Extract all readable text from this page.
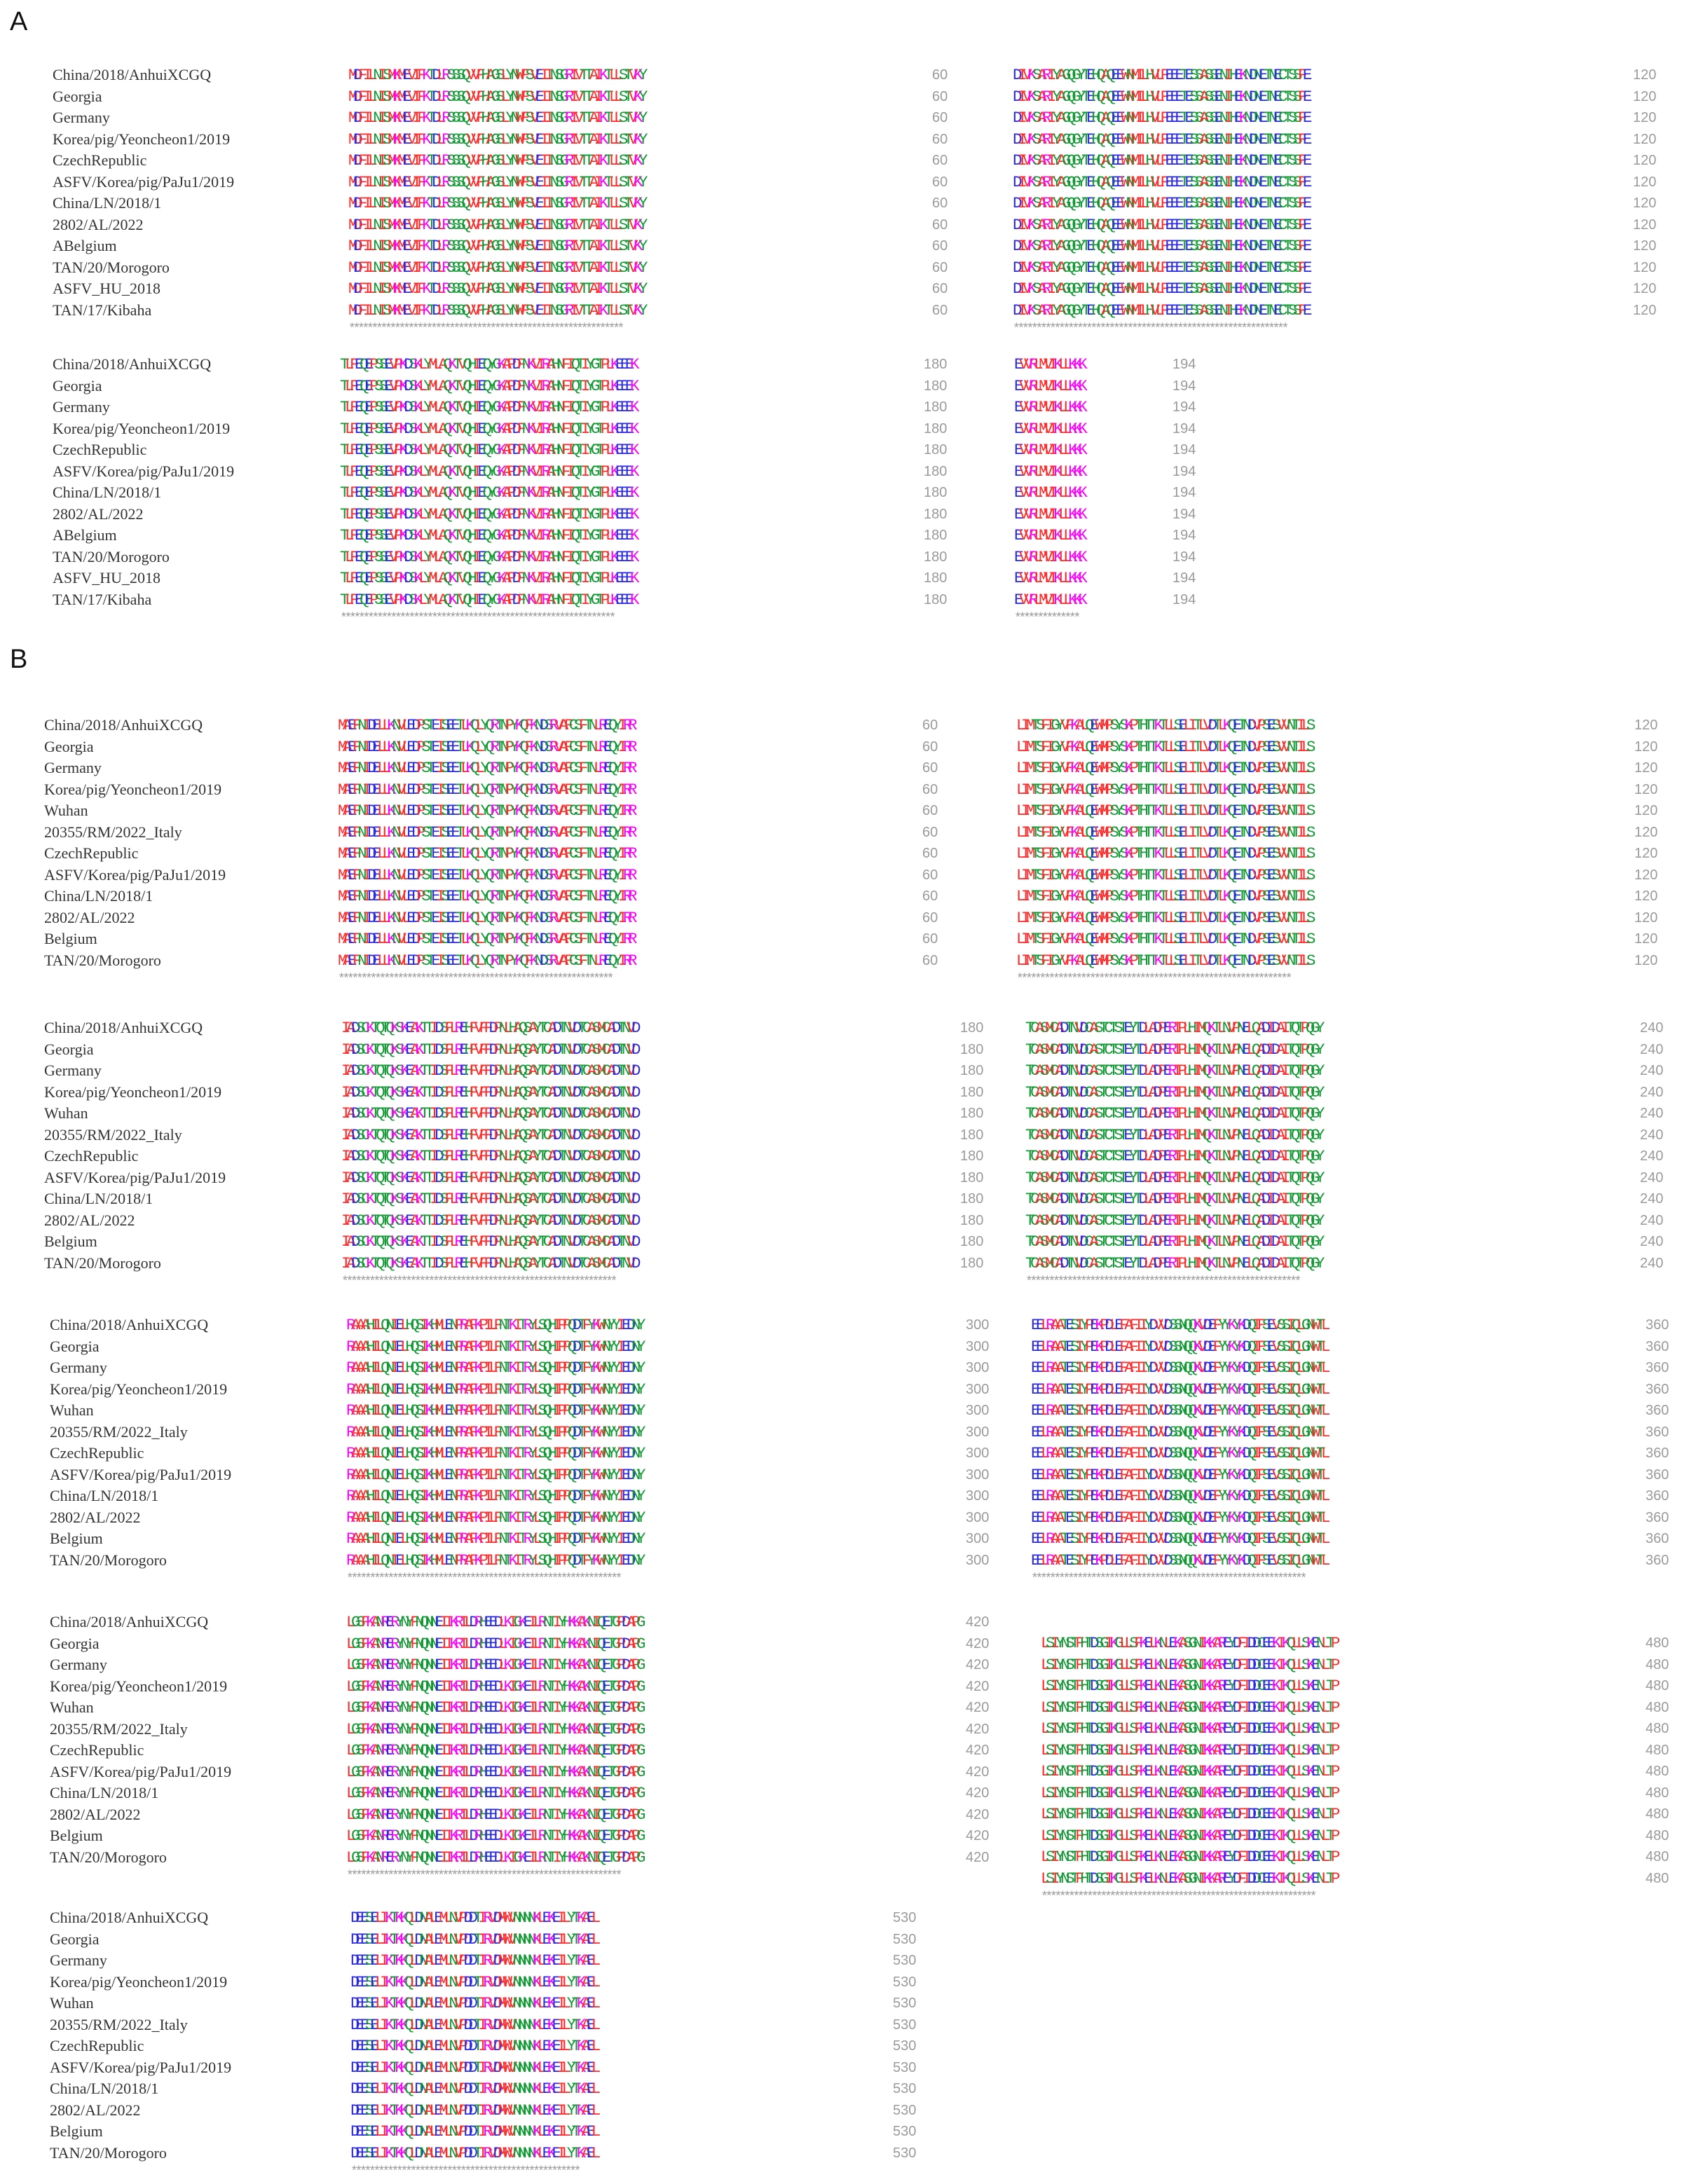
A
B
China/2018/AnhuiXCGQ
Georgia
Germany
Korea/pig/Yeoncheon1/2019
CzechRepublic
ASFV/Korea/pig/PaJu1/2019
China/LN/2018/1
2802/AL/2022
ABelgium
TAN/20/Morogoro
ASFV_HU_2018
TAN/17/Kibaha
MDFILNISMKMEVIFKTDLRSSSQVVFHAGSLYNWFSVEIINSGRIVTTAIKTLLSTVKY
MDFILNISMKMEVIFKTDLRSSSQVVFHAGSLYNWFSVEIINSGRIVTTAIKTLLSTVKY
MDFILNISMKMEVIFKTDLRSSSQVVFHAGSLYNWFSVEIINSGRIVTTAIKTLLSTVKY
MDFILNISMKMEVIFKTDLRSSSQVVFHAGSLYNWFSVEIINSGRIVTTAIKTLLSTVKY
MDFILNISMKMEVIFKTDLRSSSQVVFHAGSLYNWFSVEIINSGRIVTTAIKTLLSTVKY
MDFILNISMKMEVIFKTDLRSSSQVVFHAGSLYNWFSVEIINSGRIVTTAIKTLLSTVKY
MDFILNISMKMEVIFKTDLRSSSQVVFHAGSLYNWFSVEIINSGRIVTTAIKTLLSTVKY
MDFILNISMKMEVIFKTDLRSSSQVVFHAGSLYNWFSVEIINSGRIVTTAIKTLLSTVKY
MDFILNISMKMEVIFKTDLRSSSQVVFHAGSLYNWFSVEIINSGRIVTTAIKTLLSTVKY
MDFILNISMKMEVIFKTDLRSSSQVVFHAGSLYNWFSVEIINSGRIVTTAIKTLLSTVKY
MDFILNISMKMEVIFKTDLRSSSQVVFHAGSLYNWFSVEIINSGRIVTTAIKTLLSTVKY
MDFILNISMKMEVIFKTDLRSSSQVVFHAGSLYNWFSVEIINSGRIVTTAIKTLLSTVKY
60
60
60
60
60
60
60
60
60
60
60
60
************************************************************
DIVKSARIYAGQGYTEHQAQEEWNMILHVLFEEETESSASSENIHEKNDNETNECTSSFE
DIVKSARIYAGQGYTEHQAQEEWNMILHVLFEEETESSASSENIHEKNDNETNECTSSFE
DIVKSARIYAGQGYTEHQAQEEWNMILHVLFEEETESSASSENIHEKNDNETNECTSSFE
DIVKSARIYAGQGYTEHQAQEEWNMILHVLFEEETESSASSENIHEKNDNETNECTSSFE
DIVKSARIYAGQGYTEHQAQEEWNMILHVLFEEETESSASSENIHEKNDNETNECTSSFE
DIVKSARIYAGQGYTEHQAQEEWNMILHVLFEEETESSASSENIHEKNDNETNECTSSFE
DIVKSARIYAGQGYTEHQAQEEWNMILHVLFEEETESSASSENIHEKNDNETNECTSSFE
DIVKSARIYAGQGYTEHQAQEEWNMILHVLFEEETESSASSENIHEKNDNETNECTSSFE
DIVKSARIYAGQGYTEHQAQEEWNMILHVLFEEETESSASSENIHEKNDNETNECTSSFE
DIVKSARIYAGQGYTEHQAQEEWNMILHVLFEEETESSASSENIHEKNDNETNECTSSFE
DIVKSARIYAGQGYTEHQAQEEWNMILHVLFEEETESSASSENIHEKNDNETNECTSSFE
DIVKSARIYAGQGYTEHQAQEEWNMILHVLFEEETESSASSENIHEKNDNETNECTSSFE
120
120
120
120
120
120
120
120
120
120
120
120
************************************************************
China/2018/AnhuiXCGQ
Georgia
Germany
Korea/pig/Yeoncheon1/2019
CzechRepublic
ASFV/Korea/pig/PaJu1/2019
China/LN/2018/1
2802/AL/2022
ABelgium
TAN/20/Morogoro
ASFV_HU_2018
TAN/17/Kibaha
TLFEQEPSSEVPKDSKLYMLAQKTVQHIEQYGKAPDFNKVIRAHNFIQTIYGTPLKEEEK
TLFEQEPSSEVPKDSKLYMLAQKTVQHIEQYGKAPDFNKVIRAHNFIQTIYGTPLKEEEK
TLFEQEPSSEVPKDSKLYMLAQKTVQHIEQYGKAPDFNKVIRAHNFIQTIYGTPLKEEEK
TLFEQEPSSEVPKDSKLYMLAQKTVQHIEQYGKAPDFNKVIRAHNFIQTIYGTPLKEEEK
TLFEQEPSSEVPKDSKLYMLAQKTVQHIEQYGKAPDFNKVIRAHNFIQTIYGTPLKEEEK
TLFEQEPSSEVPKDSKLYMLAQKTVQHIEQYGKAPDFNKVIRAHNFIQTIYGTPLKEEEK
TLFEQEPSSEVPKDSKLYMLAQKTVQHIEQYGKAPDFNKVIRAHNFIQTIYGTPLKEEEK
TLFEQEPSSEVPKDSKLYMLAQKTVQHIEQYGKAPDFNKVIRAHNFIQTIYGTPLKEEEK
TLFEQEPSSEVPKDSKLYMLAQKTVQHIEQYGKAPDFNKVIRAHNFIQTIYGTPLKEEEK
TLFEQEPSSEVPKDSKLYMLAQKTVQHIEQYGKAPDFNKVIRAHNFIQTIYGTPLKEEEK
TLFEQEPSSEVPKDSKLYMLAQKTVQHIEQYGKAPDFNKVIRAHNFIQTIYGTPLKEEEK
TLFEQEPSSEVPKDSKLYMLAQKTVQHIEQYGKAPDFNKVIRAHNFIQTIYGTPLKEEEK
180
180
180
180
180
180
180
180
180
180
180
180
************************************************************
EVVRLMVIKLLKKK
EVVRLMVIKLLKKK
EVVRLMVIKLLKKK
EVVRLMVIKLLKKK
EVVRLMVIKLLKKK
EVVRLMVIKLLKKK
EVVRLMVIKLLKKK
EVVRLMVIKLLKKK
EVVRLMVIKLLKKK
EVVRLMVIKLLKKK
EVVRLMVIKLLKKK
EVVRLMVIKLLKKK
194
194
194
194
194
194
194
194
194
194
194
194
**************
China/2018/AnhuiXCGQ
Georgia
Germany
Korea/pig/Yeoncheon1/2019
Wuhan
20355/RM/2022_Italy
CzechRepublic
ASFV/Korea/pig/PaJu1/2019
China/LN/2018/1
2802/AL/2022
Belgium
TAN/20/Morogoro
MAEFNIDELLKNVLEDPSTEISEETLKQLYQRTNPYKQFKNDSRVAFCSFTNLREQYIRR
MAEFNIDELLKNVLEDPSTEISEETLKQLYQRTNPYKQFKNDSRVAFCSFTNLREQYIRR
MAEFNIDELLKNVLEDPSTEISEETLKQLYQRTNPYKQFKNDSRVAFCSFTNLREQYIRR
MAEFNIDELLKNVLEDPSTEISEETLKQLYQRTNPYKQFKNDSRVAFCSFTNLREQYIRR
MAEFNIDELLKNVLEDPSTEISEETLKQLYQRTNPYKQFKNDSRVAFCSFTNLREQYIRR
MAEFNIDELLKNVLEDPSTEISEETLKQLYQRTNPYKQFKNDSRVAFCSFTNLREQYIRR
MAEFNIDELLKNVLEDPSTEISEETLKQLYQRTNPYKQFKNDSRVAFCSFTNLREQYIRR
MAEFNIDELLKNVLEDPSTEISEETLKQLYQRTNPYKQFKNDSRVAFCSFTNLREQYIRR
MAEFNIDELLKNVLEDPSTEISEETLKQLYQRTNPYKQFKNDSRVAFCSFTNLREQYIRR
MAEFNIDELLKNVLEDPSTEISEETLKQLYQRTNPYKQFKNDSRVAFCSFTNLREQYIRR
MAEFNIDELLKNVLEDPSTEISEETLKQLYQRTNPYKQFKNDSRVAFCSFTNLREQYIRR
MAEFNIDELLKNVLEDPSTEISEETLKQLYQRTNPYKQFKNDSRVAFCSFTNLREQYIRR
60
60
60
60
60
60
60
60
60
60
60
60
************************************************************
LIMTSFIGYVFKALQEWMPSYSKPTHTTKTLLSELITLVDTLKQETNDVPSESVVNTILS
LIMTSFIGYVFKALQEWMPSYSKPTHTTKTLLSELITLVDTLKQETNDVPSESVVNTILS
LIMTSFIGYVFKALQEWMPSYSKPTHTTKTLLSELITLVDTLKQETNDVPSESVVNTILS
LIMTSFIGYVFKALQEWMPSYSKPTHTTKTLLSELITLVDTLKQETNDVPSESVVNTILS
LIMTSFIGYVFKALQEWMPSYSKPTHTTKTLLSELITLVDTLKQETNDVPSESVVNTILS
LIMTSFIGYVFKALQEWMPSYSKPTHTTKTLLSELITLVDTLKQETNDVPSESVVNTILS
LIMTSFIGYVFKALQEWMPSYSKPTHTTKTLLSELITLVDTLKQETNDVPSESVVNTILS
LIMTSFIGYVFKALQEWMPSYSKPTHTTKTLLSELITLVDTLKQETNDVPSESVVNTILS
LIMTSFIGYVFKALQEWMPSYSKPTHTTKTLLSELITLVDTLKQETNDVPSESVVNTILS
LIMTSFIGYVFKALQEWMPSYSKPTHTTKTLLSELITLVDTLKQETNDVPSESVVNTILS
LIMTSFIGYVFKALQEWMPSYSKPTHTTKTLLSELITLVDTLKQETNDVPSESVVNTILS
LIMTSFIGYVFKALQEWMPSYSKPTHTTKTLLSELITLVDTLKQETNDVPSESVVNTILS
120
120
120
120
120
120
120
120
120
120
120
120
************************************************************
China/2018/AnhuiXCGQ
Georgia
Germany
Korea/pig/Yeoncheon1/2019
Wuhan
20355/RM/2022_Italy
CzechRepublic
ASFV/Korea/pig/PaJu1/2019
China/LN/2018/1
2802/AL/2022
Belgium
TAN/20/Morogoro
IADSCKTQTQKSKEAKTTIDSFLREHFVFFDPNLHAQSAYTCADTNVDTCASMCADTNVD
IADSCKTQTQKSKEAKTTIDSFLREHFVFFDPNLHAQSAYTCADTNVDTCASMCADTNVD
IADSCKTQTQKSKEAKTTIDSFLREHFVFFDPNLHAQSAYTCADTNVDTCASMCADTNVD
IADSCKTQTQKSKEAKTTIDSFLREHFVFFDPNLHAQSAYTCADTNVDTCASMCADTNVD
IADSCKTQTQKSKEAKTTIDSFLREHFVFFDPNLHAQSAYTCADTNVDTCASMCADTNVD
IADSCKTQTQKSKEAKTTIDSFLREHFVFFDPNLHAQSAYTCADTNVDTCASMCADTNVD
IADSCKTQTQKSKEAKTTIDSFLREHFVFFDPNLHAQSAYTCADTNVDTCASMCADTNVD
IADSCKTQTQKSKEAKTTIDSFLREHFVFFDPNLHAQSAYTCADTNVDTCASMCADTNVD
IADSCKTQTQKSKEAKTTIDSFLREHFVFFDPNLHAQSAYTCADTNVDTCASMCADTNVD
IADSCKTQTQKSKEAKTTIDSFLREHFVFFDPNLHAQSAYTCADTNVDTCASMCADTNVD
IADSCKTQTQKSKEAKTTIDSFLREHFVFFDPNLHAQSAYTCADTNVDTCASMCADTNVD
IADSCKTQTQKSKEAKTTIDSFLREHFVFFDPNLHAQSAYTCADTNVDTCASMCADTNVD
180
180
180
180
180
180
180
180
180
180
180
180
************************************************************
TCASMCADTNVDCASTCTSTEYTDLADPERIPLHIMQKTLNVPNELQADIDAITQTPQGY
TCASMCADTNVDCASTCTSTEYTDLADPERIPLHIMQKTLNVPNELQADIDAITQTPQGY
TCASMCADTNVDCASTCTSTEYTDLADPERIPLHIMQKTLNVPNELQADIDAITQTPQGY
TCASMCADTNVDCASTCTSTEYTDLADPERIPLHIMQKTLNVPNELQADIDAITQTPQGY
TCASMCADTNVDCASTCTSTEYTDLADPERIPLHIMQKTLNVPNELQADIDAITQTPQGY
TCASMCADTNVDCASTCTSTEYTDLADPERIPLHIMQKTLNVPNELQADIDAITQTPQGY
TCASMCADTNVDCASTCTSTEYTDLADPERIPLHIMQKTLNVPNELQADIDAITQTPQGY
TCASMCADTNVDCASTCTSTEYTDLADPERIPLHIMQKTLNVPNELQADIDAITQTPQGY
TCASMCADTNVDCASTCTSTEYTDLADPERIPLHIMQKTLNVPNELQADIDAITQTPQGY
TCASMCADTNVDCASTCTSTEYTDLADPERIPLHIMQKTLNVPNELQADIDAITQTPQGY
TCASMCADTNVDCASTCTSTEYTDLADPERIPLHIMQKTLNVPNELQADIDAITQTPQGY
TCASMCADTNVDCASTCTSTEYTDLADPERIPLHIMQKTLNVPNELQADIDAITQTPQGY
240
240
240
240
240
240
240
240
240
240
240
240
************************************************************
China/2018/AnhuiXCGQ
Georgia
Germany
Korea/pig/Yeoncheon1/2019
Wuhan
20355/RM/2022_Italy
CzechRepublic
ASFV/Korea/pig/PaJu1/2019
China/LN/2018/1
2802/AL/2022
Belgium
TAN/20/Morogoro
RAAAHILQNIELHQSIKHMLENPRAFKPILFNTKITRYLSQHIPPQDTFYKWNYYIEDNY
RAAAHILQNIELHQSIKHMLENPRAFKPILFNTKITRYLSQHIPPQDTFYKWNYYIEDNY
RAAAHILQNIELHQSIKHMLENPRAFKPILFNTKITRYLSQHIPPQDTFYKWNYYIEDNY
RAAAHILQNIELHQSIKHMLENPRAFKPILFNTKITRYLSQHIPPQDTFYKWNYYIEDNY
RAAAHILQNIELHQSIKHMLENPRAFKPILFNTKITRYLSQHIPPQDTFYKWNYYIEDNY
RAAAHILQNIELHQSIKHMLENPRAFKPILFNTKITRYLSQHIPPQDTFYKWNYYIEDNY
RAAAHILQNIELHQSIKHMLENPRAFKPILFNTKITRYLSQHIPPQDTFYKWNYYIEDNY
RAAAHILQNIELHQSIKHMLENPRAFKPILFNTKITRYLSQHIPPQDTFYKWNYYIEDNY
RAAAHILQNIELHQSIKHMLENPRAFKPILFNTKITRYLSQHIPPQDTFYKWNYYIEDNY
RAAAHILQNIELHQSIKHMLENPRAFKPILFNTKITRYLSQHIPPQDTFYKWNYYIEDNY
RAAAHILQNIELHQSIKHMLENPRAFKPILFNTKITRYLSQHIPPQDTFYKWNYYIEDNY
RAAAHILQNIELHQSIKHMLENPRAFKPILFNTKITRYLSQHIPPQDTFYKWNYYIEDNY
300
300
300
300
300
300
300
300
300
300
300
300
************************************************************
EELRAATESIYPEKPDLEFAFIIYDVVDSSNQQKVDEFYYKYKDQIFSEVSSIQLGNWTL
EELRAATESIYPEKPDLEFAFIIYDVVDSSNQQKVDEFYYKYKDQIFSEVSSIQLGNWTL
EELRAATESIYPEKPDLEFAFIIYDVVDSSNQQKVDEFYYKYKDQIFSEVSSIQLGNWTL
EELRAATESIYPEKPDLEFAFIIYDVVDSSNQQKVDEFYYKYKDQIFSEVSSIQLGNWTL
EELRAATESIYPEKPDLEFAFIIYDVVDSSNQQKVDEFYYKYKDQIFSEVSSIQLGNWTL
EELRAATESIYPEKPDLEFAFIIYDVVDSSNQQKVDEFYYKYKDQIFSEVSSIQLGNWTL
EELRAATESIYPEKPDLEFAFIIYDVVDSSNQQKVDEFYYKYKDQIFSEVSSIQLGNWTL
EELRAATESIYPEKPDLEFAFIIYDVVDSSNQQKVDEFYYKYKDQIFSEVSSIQLGNWTL
EELRAATESIYPEKPDLEFAFIIYDVVDSSNQQKVDEFYYKYKDQIFSEVSSIQLGNWTL
EELRAATESIYPEKPDLEFAFIIYDVVDSSNQQKVDEFYYKYKDQIFSEVSSIQLGNWTL
EELRAATESIYPEKPDLEFAFIIYDVVDSSNQQKVDEFYYKYKDQIFSEVSSIQLGNWTL
EELRAATESIYPEKPDLEFAFIIYDVVDSSNQQKVDEFYYKYKDQIFSEVSSIQLGNWTL
360
360
360
360
360
360
360
360
360
360
360
360
************************************************************
China/2018/AnhuiXCGQ
Georgia
Germany
Korea/pig/Yeoncheon1/2019
Wuhan
20355/RM/2022_Italy
CzechRepublic
ASFV/Korea/pig/PaJu1/2019
China/LN/2018/1
2802/AL/2022
Belgium
TAN/20/Morogoro
LGSFKANRERYNYFNQNNEIIKRILDRHEEDLKIGKEILRNTIYHKKAKNIQETGPDAPG
LGSFKANRERYNYFNQNNEIIKRILDRHEEDLKIGKEILRNTIYHKKAKNIQETGPDAPG
LGSFKANRERYNYFNQNNEIIKRILDRHEEDLKIGKEILRNTIYHKKAKNIQETGPDAPG
LGSFKANRERYNYFNQNNEIIKRILDRHEEDLKIGKEILRNTIYHKKAKNIQETGPDAPG
LGSFKANRERYNYFNQNNEIIKRILDRHEEDLKIGKEILRNTIYHKKAKNIQETGPDAPG
LGSFKANRERYNYFNQNNEIIKRILDRHEEDLKIGKEILRNTIYHKKAKNIQETGPDAPG
LGSFKANRERYNYFNQNNEIIKRILDRHEEDLKIGKEILRNTIYHKKAKNIQETGPDAPG
LGSFKANRERYNYFNQNNEIIKRILDRHEEDLKIGKEILRNTIYHKKAKNIQETGPDAPG
LGSFKANRERYNYFNQNNEIIKRILDRHEEDLKIGKEILRNTIYHKKAKNIQETGPDAPG
LGSFKANRERYNYFNQNNEIIKRILDRHEEDLKIGKEILRNTIYHKKAKNIQETGPDAPG
LGSFKANRERYNYFNQNNEIIKRILDRHEEDLKIGKEILRNTIYHKKAKNIQETGPDAPG
LGSFKANRERYNYFNQNNEIIKRILDRHEEDLKIGKEILRNTIYHKKAKNIQETGPDAPG
420
420
420
420
420
420
420
420
420
420
420
420
************************************************************
LSIYNSTFHTDSGIKGLLSFKELKNLEKASGNIKKAREYDFIDDCEEKIKQLLSKENLTP
LSIYNSTFHTDSGIKGLLSFKELKNLEKASGNIKKAREYDFIDDCEEKIKQLLSKENLTP
LSIYNSTFHTDSGIKGLLSFKELKNLEKASGNIKKAREYDFIDDCEEKIKQLLSKENLTP
LSIYNSTFHTDSGIKGLLSFKELKNLEKASGNIKKAREYDFIDDCEEKIKQLLSKENLTP
LSIYNSTFHTDSGIKGLLSFKELKNLEKASGNIKKAREYDFIDDCEEKIKQLLSKENLTP
LSIYNSTFHTDSGIKGLLSFKELKNLEKASGNIKKAREYDFIDDCEEKIKQLLSKENLTP
LSIYNSTFHTDSGIKGLLSFKELKNLEKASGNIKKAREYDFIDDCEEKIKQLLSKENLTP
LSIYNSTFHTDSGIKGLLSFKELKNLEKASGNIKKAREYDFIDDCEEKIKQLLSKENLTP
LSIYNSTFHTDSGIKGLLSFKELKNLEKASGNIKKAREYDFIDDCEEKIKQLLSKENLTP
LSIYNSTFHTDSGIKGLLSFKELKNLEKASGNIKKAREYDFIDDCEEKIKQLLSKENLTP
LSIYNSTFHTDSGIKGLLSFKELKNLEKASGNIKKAREYDFIDDCEEKIKQLLSKENLTP
LSIYNSTFHTDSGIKGLLSFKELKNLEKASGNIKKAREYDFIDDCEEKIKQLLSKENLTP
480
480
480
480
480
480
480
480
480
480
480
480
************************************************************
China/2018/AnhuiXCGQ
Georgia
Germany
Korea/pig/Yeoncheon1/2019
Wuhan
20355/RM/2022_Italy
CzechRepublic
ASFV/Korea/pig/PaJu1/2019
China/LN/2018/1
2802/AL/2022
Belgium
TAN/20/Morogoro
DEESELIKTKKQLDNALEMLNVPDDTIRVDMWVNNNNKLEKEILYTKAEL
DEESELIKTKKQLDNALEMLNVPDDTIRVDMWVNNNNKLEKEILYTKAEL
DEESELIKTKKQLDNALEMLNVPDDTIRVDMWVNNNNKLEKEILYTKAEL
DEESELIKTKKQLDNALEMLNVPDDTIRVDMWVNNNNKLEKEILYTKAEL
DEESELIKTKKQLDNALEMLNVPDDTIRVDMWVNNNNKLEKEILYTKAEL
DEESELIKTKKQLDNALEMLNVPDDTIRVDMWVNNNNKLEKEILYTKAEL
DEESELIKTKKQLDNALEMLNVPDDTIRVDMWVNNNNKLEKEILYTKAEL
DEESELIKTKKQLDNALEMLNVPDDTIRVDMWVNNNNKLEKEILYTKAEL
DEESELIKTKKQLDNALEMLNVPDDTIRVDMWVNNNNKLEKEILYTKAEL
DEESELIKTKKQLDNALEMLNVPDDTIRVDMWVNNNNKLEKEILYTKAEL
DEESELIKTKKQLDNALEMLNVPDDTIRVDMWVNNNNKLEKEILYTKAEL
DEESELIKTKKQLDNALEMLNVPDDTIRVDMWVNNNNKLEKEILYTKAEL
530
530
530
530
530
530
530
530
530
530
530
530
**************************************************
